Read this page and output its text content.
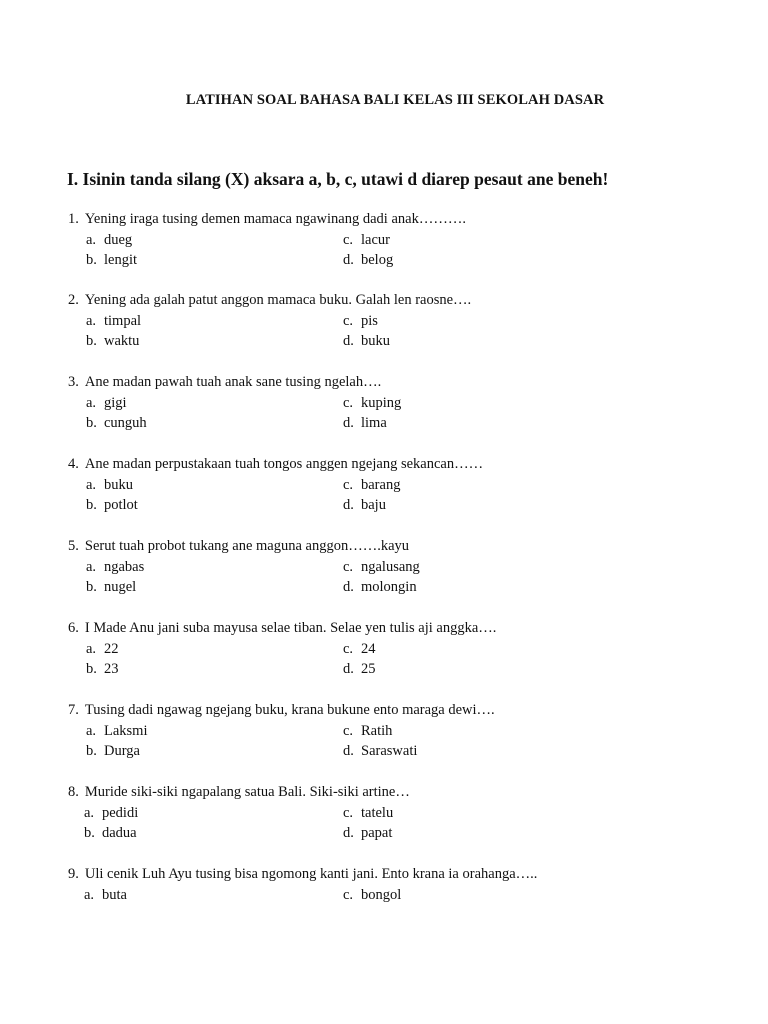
LATIHAN SOAL BAHASA BALI KELAS III SEKOLAH DASAR
I. Isinin tanda silang (X) aksara a, b, c, utawi d diarep pesaut ane beneh!
1. Yening iraga tusing demen mamaca ngawinang dadi anak……….
a. dueg
b. lengit
c. lacur
d. belog
2. Yening ada galah patut anggon mamaca buku. Galah len raosne….
a. timpal
b. waktu
c. pis
d. buku
3. Ane madan pawah tuah anak sane tusing ngelah….
a. gigi
b. cunguh
c. kuping
d. lima
4. Ane madan perpustakaan tuah tongos anggen ngejang sekancan……
a. buku
b. potlot
c. barang
d. baju
5. Serut tuah probot tukang ane maguna anggon…….kayu
a. ngabas
b. nugel
c. ngalusang
d. molongin
6. I Made Anu jani suba mayusa selae tiban. Selae yen tulis aji anggka….
a. 22
b. 23
c. 24
d. 25
7. Tusing dadi ngawag ngejang buku, krana bukune ento maraga dewi….
a. Laksmi
b. Durga
c. Ratih
d. Saraswati
8. Muride siki-siki ngapalang satua Bali. Siki-siki artine…
a. pedidi
b. dadua
c. tatelu
d. papat
9. Uli cenik Luh Ayu tusing bisa ngomong kanti jani. Ento krana ia orahanga…..
a. buta	c. bongol
